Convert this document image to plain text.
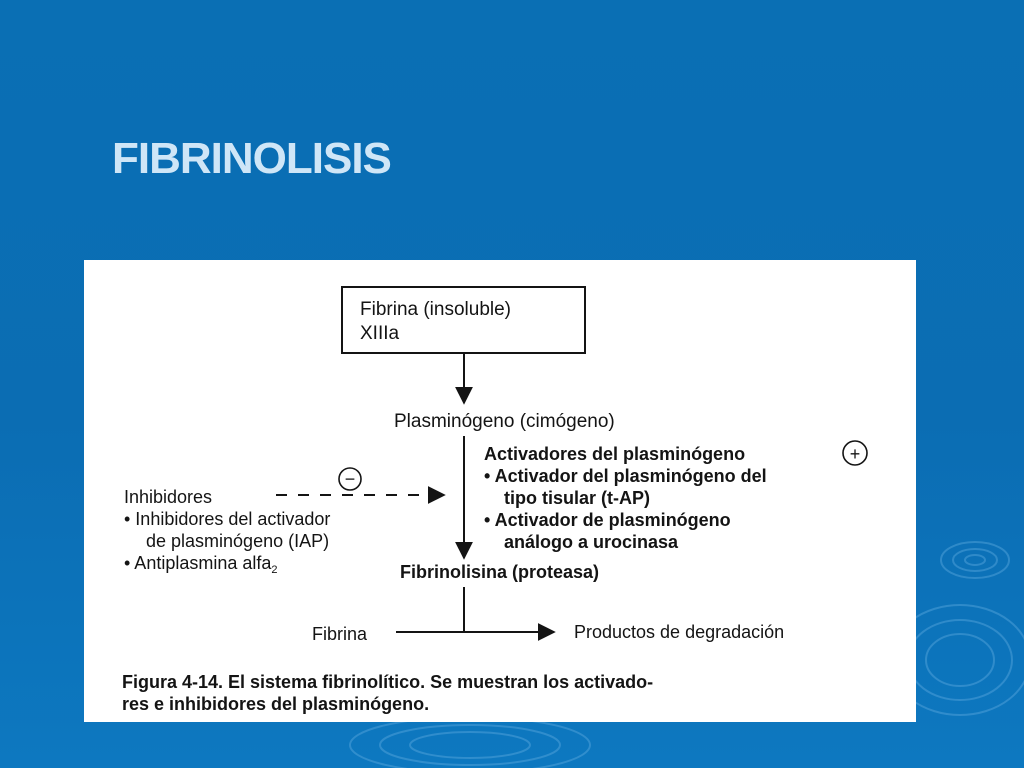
FIBRINOLISIS
Fibrina (insoluble)
XIIIa
Plasminógeno (cimógeno)
Activadores del plasminógeno	+
• Activador del plasminógeno del
tipo tisular (t-AP)
• Activador de plasminógeno
análogo a urocinasa
−
Inhibidores
• Inhibidores del activador
de plasminógeno (IAP)
• Antiplasmina alfa$_2$	Fibrinolisina (proteasa)
Fibrina	Productos de degradación
Figura 4-14. El sistema fibrinolítico. Se muestran los activado-
res e inhibidores del plasminógeno.
